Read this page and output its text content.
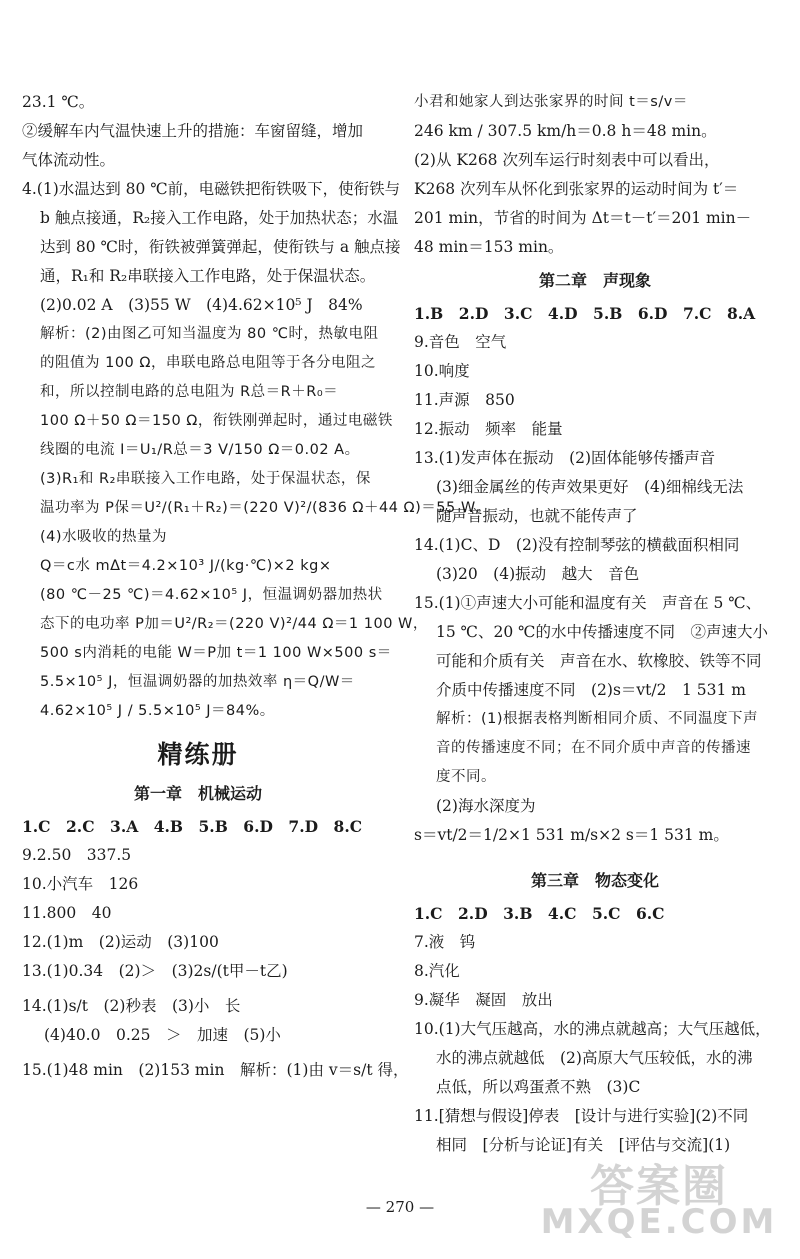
23.1 ℃。
②缓解车内气温快速上升的措施：车窗留缝，增加
气体流动性。
4.(1)水温达到 80 ℃前，电磁铁把衔铁吸下，使衔铁与
b 触点接通，R₂接入工作电路，处于加热状态；水温
达到 80 ℃时，衔铁被弹簧弹起，使衔铁与 a 触点接
通，R₁和 R₂串联接入工作电路，处于保温状态。
(2)0.02 A　(3)55 W　(4)4.62×10⁵ J　84%
解析：(2)由图乙可知当温度为 80 ℃时，热敏电阻
的阻值为 100 Ω，串联电路总电阻等于各分电阻之
和，所以控制电路的总电阻为 R总＝R＋R₀＝
100 Ω＋50 Ω＝150 Ω，衔铁刚弹起时，通过电磁铁
线圈的电流 I＝U₁/R总＝3 V/150 Ω＝0.02 A。
(3)R₁和 R₂串联接入工作电路，处于保温状态，保
温功率为 P保＝U²/(R₁＋R₂)＝(220 V)²/(836 Ω＋44 Ω)＝55 W。
(4)水吸收的热量为
Q＝c水 mΔt＝4.2×10³ J/(kg·℃)×2 kg×
(80 ℃－25 ℃)＝4.62×10⁵ J，恒温调奶器加热状
态下的电功率 P加＝U²/R₂＝(220 V)²/44 Ω＝1 100 W，
500 s内消耗的电能 W＝P加 t＝1 100 W×500 s＝
5.5×10⁵ J，恒温调奶器的加热效率 η＝Q/W＝
4.62×10⁵ J / 5.5×10⁵ J＝84%。
精练册
第一章　机械运动
1.C　2.C　3.A　4.B　5.B　6.D　7.D　8.C
9.2.50　337.5
10.小汽车　126
11.800　40
12.(1)m　(2)运动　(3)100
13.(1)0.34　(2)＞　(3)2s/(t甲－t乙)
14.(1)s/t　(2)秒表　(3)小　长
(4)40.0　0.25　＞　加速　(5)小
15.(1)48 min　(2)153 min　解析：(1)由 v＝s/t 得，
小君和她家人到达张家界的时间 t＝s/v＝
246 km / 307.5 km/h＝0.8 h＝48 min。
(2)从 K268 次列车运行时刻表中可以看出，
K268 次列车从怀化到张家界的运动时间为 t′＝
201 min，节省的时间为 Δt＝t－t′＝201 min－
48 min＝153 min。
第二章　声现象
1.B　2.D　3.C　4.D　5.B　6.D　7.C　8.A
9.音色　空气
10.响度
11.声源　850
12.振动　频率　能量
13.(1)发声体在振动　(2)固体能够传播声音
(3)细金属丝的传声效果更好　(4)细棉线无法
随声音振动，也就不能传声了
14.(1)C、D　(2)没有控制琴弦的横截面积相同
(3)20　(4)振动　越大　音色
15.(1)①声速大小可能和温度有关　声音在 5 ℃、
15 ℃、20 ℃的水中传播速度不同　②声速大小
可能和介质有关　声音在水、软橡胶、铁等不同
介质中传播速度不同　(2)s＝vt/2　1 531 m
解析：(1)根据表格判断相同介质、不同温度下声
音的传播速度不同；在不同介质中声音的传播速
度不同。
(2)海水深度为
s＝vt/2＝1/2×1 531 m/s×2 s＝1 531 m。
第三章　物态变化
1.C　2.D　3.B　4.C　5.C　6.C
7.液　钨
8.汽化
9.凝华　凝固　放出
10.(1)大气压越高，水的沸点就越高；大气压越低，
水的沸点就越低　(2)高原大气压较低，水的沸
点低，所以鸡蛋煮不熟　(3)C
11.[猜想与假设]停表　[设计与进行实验](2)不同
相同　[分析与论证]有关　[评估与交流](1)
— 270 —	答案圈
MXQE.COM
